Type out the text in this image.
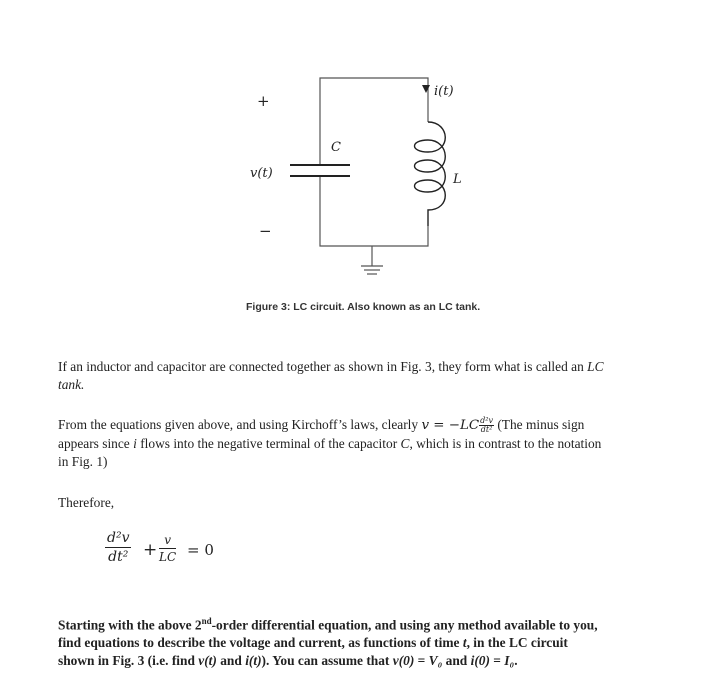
+
v(t)
−
C
L
i(t)
Figure 3: LC circuit. Also known as an LC tank.
If an inductor and capacitor are connected together as shown in Fig. 3, they form what is called an LC
tank.
From the equations given above, and using Kirchoff’s laws, clearly $v = -LC \frac{\text{d²v}}{\text{dt²}} (The$ minus sign
appears since i flows into the negative terminal of the capacitor C, which is in contrast to the notation
in Fig. 1)
Therefore,
$\frac{\text{d²v}}{\text{dt²}} + \frac{v}{LC} = 0$
Starting with the above 2nd-order differential equation, and using any method available to you,
find equations to describe the voltage and current, as functions of time t, in the LC circuit
shown in Fig. 3 (i.e. find v(t) and i(t)). You can assume that v(0) = V₀ and i(0) = I₀.
